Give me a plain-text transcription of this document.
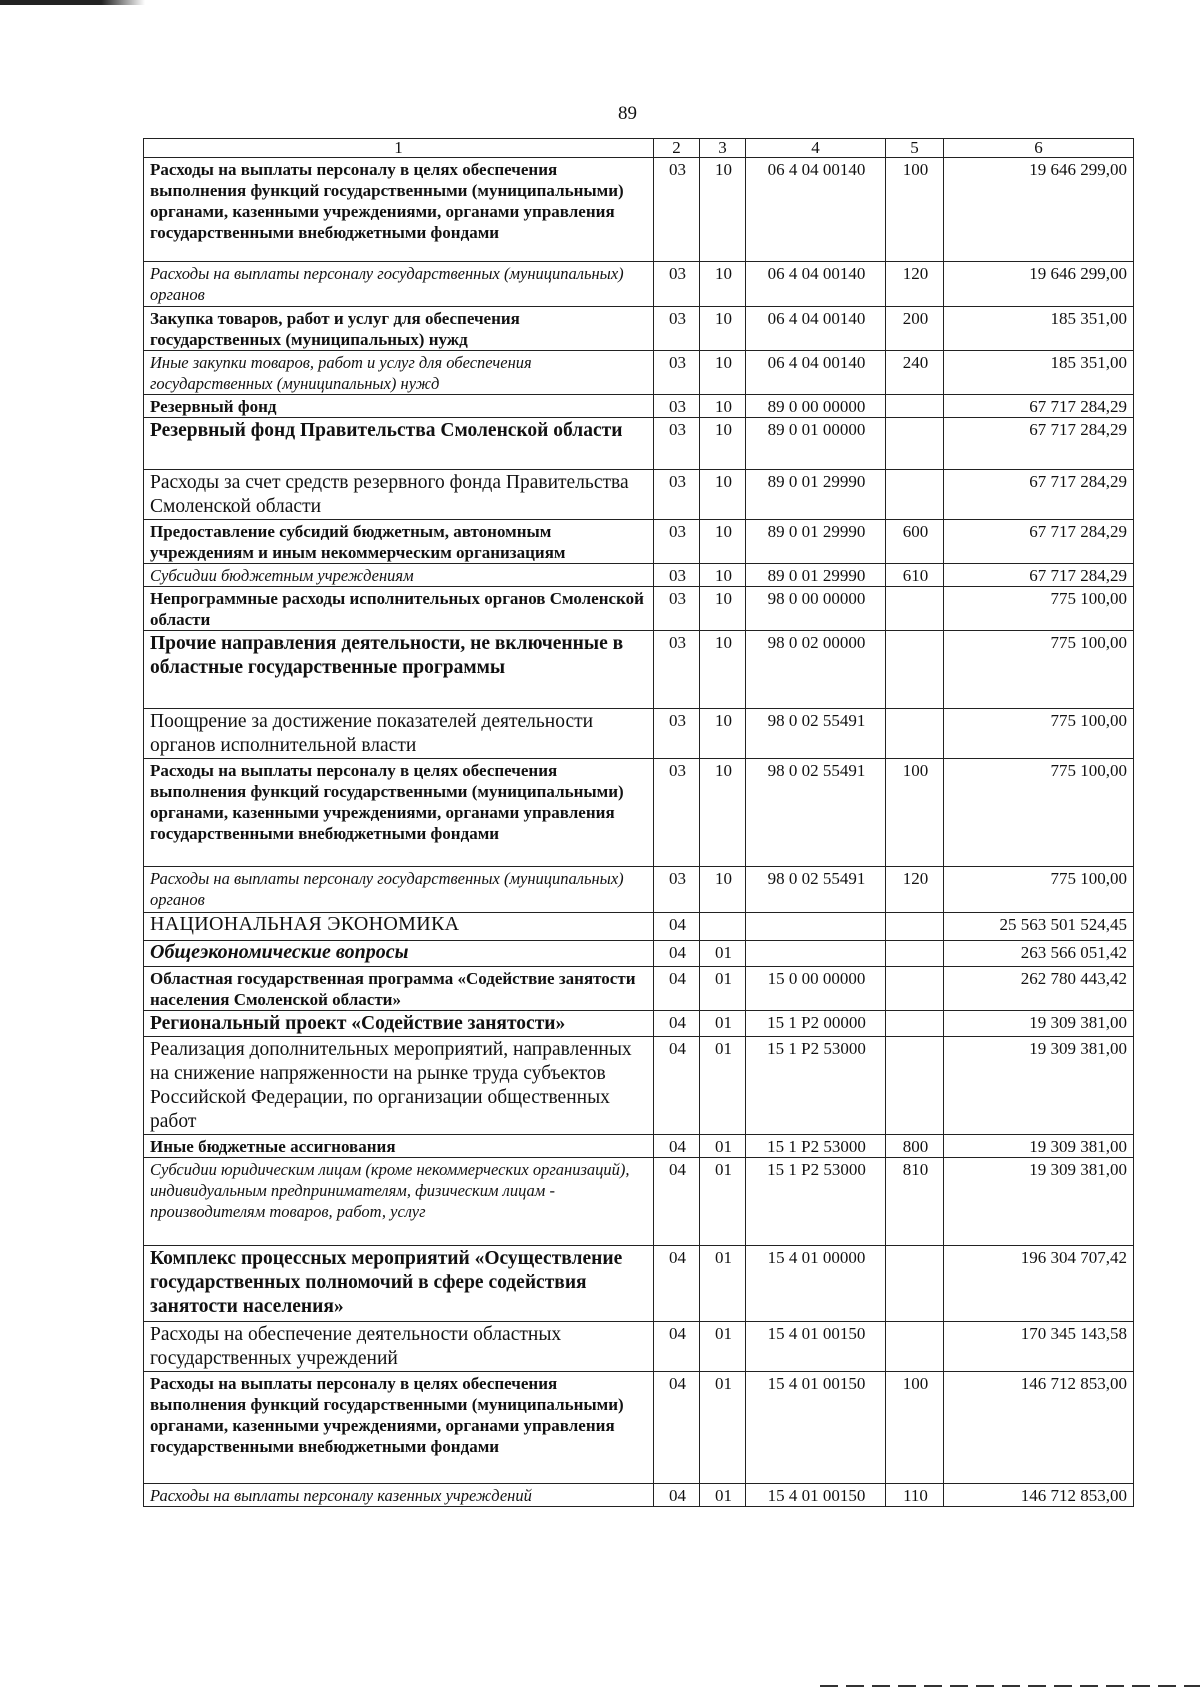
89
1	2	3	4	5	6
Расходы на выплаты персоналу в целях обеспечения выполнения функций государственными (муниципальными) органами, казенными учреждениями, органами управления государственными внебюджетными фондами	03	10	06 4 04 00140	100	19 646 299,00
Расходы на выплаты персоналу государственных (муниципальных) органов	03	10	06 4 04 00140	120	19 646 299,00
Закупка товаров, работ и услуг для обеспечения государственных (муниципальных) нужд	03	10	06 4 04 00140	200	185 351,00
Иные закупки товаров, работ и услуг для обеспечения государственных (муниципальных) нужд	03	10	06 4 04 00140	240	185 351,00
Резервный фонд	03	10	89 0 00 00000		67 717 284,29
Резервный фонд Правительства Смоленской области	03	10	89 0 01 00000		67 717 284,29
Расходы за счет средств резервного фонда Правительства Смоленской области	03	10	89 0 01 29990		67 717 284,29
Предоставление субсидий бюджетным, автономным учреждениям и иным некоммерческим организациям	03	10	89 0 01 29990	600	67 717 284,29
Субсидии бюджетным учреждениям	03	10	89 0 01 29990	610	67 717 284,29
Непрограммные расходы исполнительных органов Смоленской области	03	10	98 0 00 00000		775 100,00
Прочие направления деятельности, не включенные в областные государственные программы	03	10	98 0 02 00000		775 100,00
Поощрение за достижение показателей деятельности органов исполнительной власти	03	10	98 0 02 55491		775 100,00
Расходы на выплаты персоналу в целях обеспечения выполнения функций государственными (муниципальными) органами, казенными учреждениями, органами управления государственными внебюджетными фондами	03	10	98 0 02 55491	100	775 100,00
Расходы на выплаты персоналу государственных (муниципальных) органов	03	10	98 0 02 55491	120	775 100,00
НАЦИОНАЛЬНАЯ ЭКОНОМИКА	04				25 563 501 524,45
Общеэкономические вопросы	04	01			263 566 051,42
Областная государственная программа «Содействие занятости населения Смоленской области»	04	01	15 0 00 00000		262 780 443,42
Региональный проект «Содействие занятости»	04	01	15 1 P2 00000		19 309 381,00
Реализация дополнительных мероприятий, направленных на снижение напряженности на рынке труда субъектов Российской Федерации, по организации общественных работ	04	01	15 1 P2 53000		19 309 381,00
Иные бюджетные ассигнования	04	01	15 1 P2 53000	800	19 309 381,00
Субсидии юридическим лицам (кроме некоммерческих организаций), индивидуальным предпринимателям, физическим лицам - производителям товаров, работ, услуг	04	01	15 1 P2 53000	810	19 309 381,00
Комплекс процессных мероприятий «Осуществление государственных полномочий в сфере содействия занятости населения»	04	01	15 4 01 00000		196 304 707,42
Расходы на обеспечение деятельности областных государственных учреждений	04	01	15 4 01 00150		170 345 143,58
Расходы на выплаты персоналу в целях обеспечения выполнения функций государственными (муниципальными) органами, казенными учреждениями, органами управления государственными внебюджетными фондами	04	01	15 4 01 00150	100	146 712 853,00
Расходы на выплаты персоналу казенных учреждений	04	01	15 4 01 00150	110	146 712 853,00
